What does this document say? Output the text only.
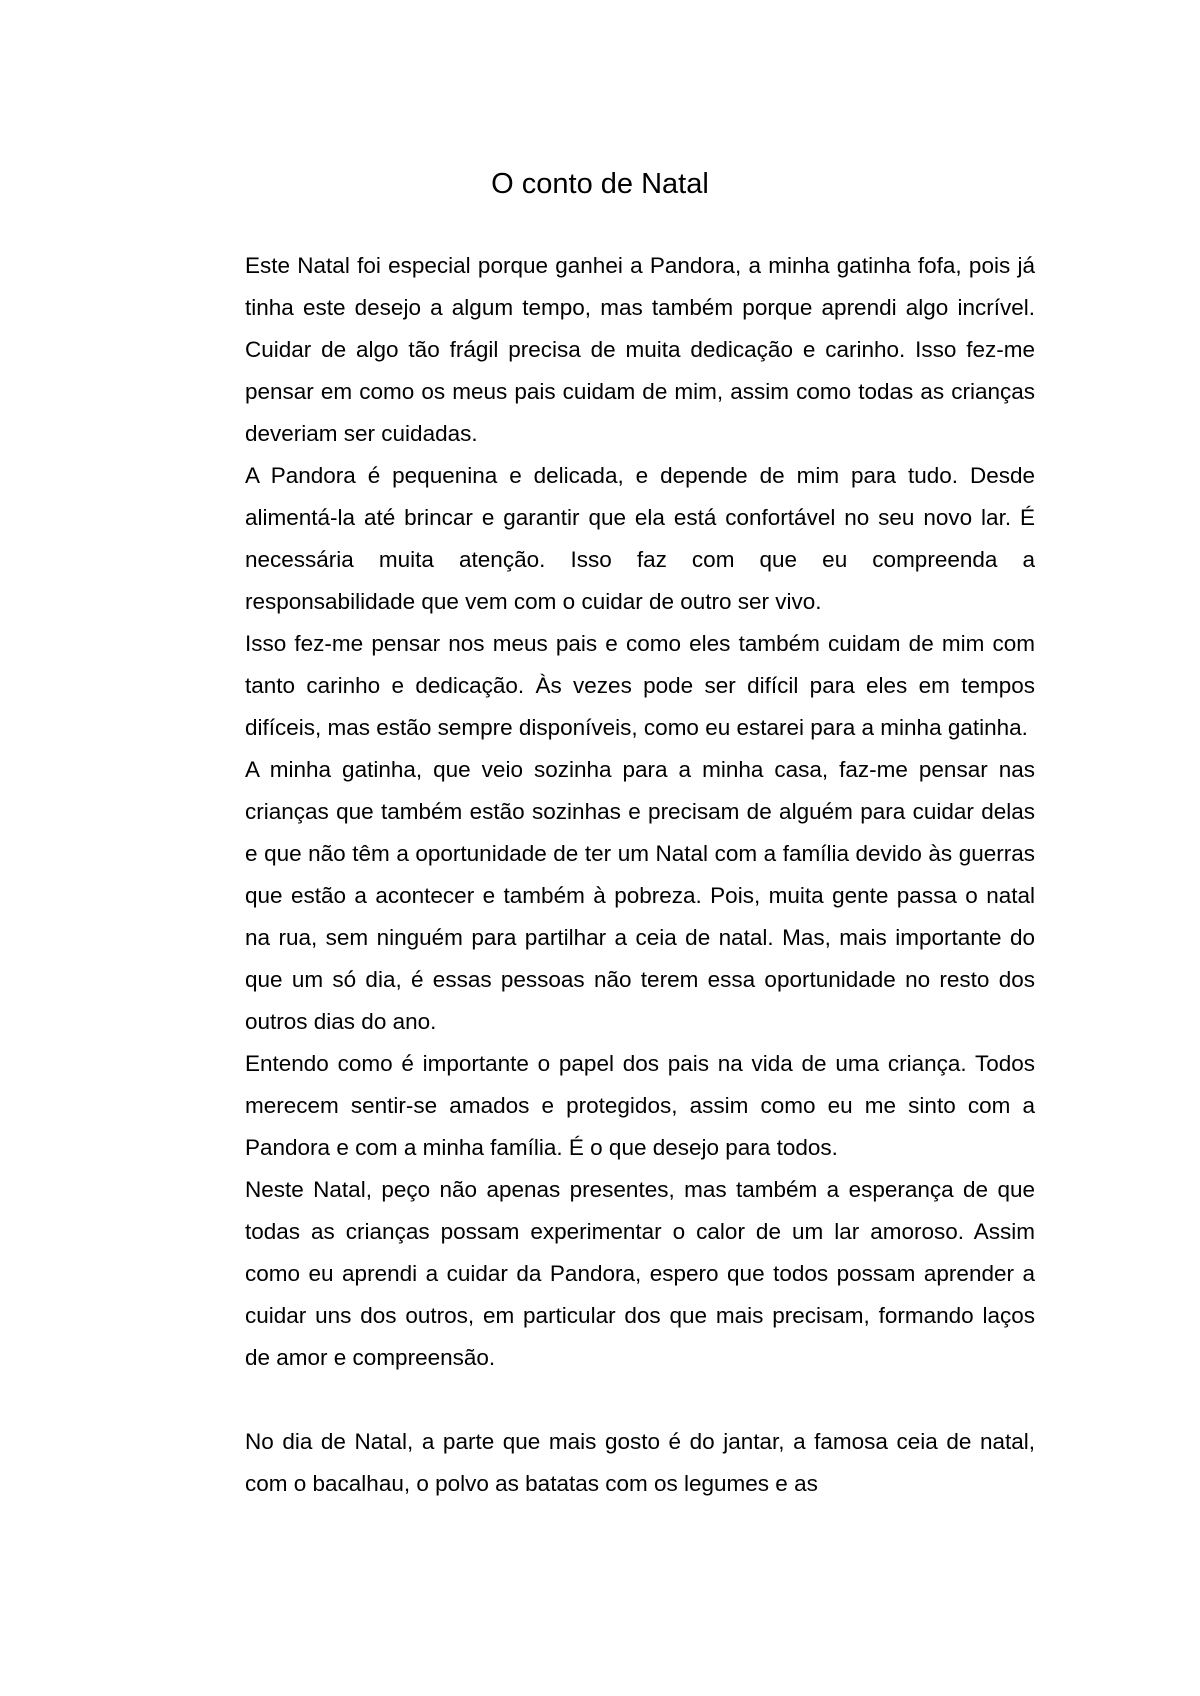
O conto de Natal

Este Natal foi especial porque ganhei a Pandora, a minha gatinha fofa, pois já tinha este desejo a algum tempo, mas também porque aprendi algo incrível. Cuidar de algo tão frágil precisa de muita dedicação e carinho. Isso fez-me pensar em como os meus pais cuidam de mim, assim como todas as crianças deveriam ser cuidadas.

A Pandora é pequenina e delicada, e depende de mim para tudo. Desde alimentá-la até brincar e garantir que ela está confortável no seu novo lar. É necessária muita atenção. Isso faz com que eu compreenda a responsabilidade que vem com o cuidar de outro ser vivo.

Isso fez-me pensar nos meus pais e como eles também cuidam de mim com tanto carinho e dedicação. Às vezes pode ser difícil para eles em tempos difíceis, mas estão sempre disponíveis, como eu estarei para a minha gatinha.

A minha gatinha, que veio sozinha para a minha casa, faz-me pensar nas crianças que também estão sozinhas e precisam de alguém para cuidar delas e que não têm a oportunidade de ter um Natal com a família devido às guerras que estão a acontecer e também à pobreza. Pois, muita gente passa o natal na rua, sem ninguém para partilhar a ceia de natal. Mas, mais importante do que um só dia, é essas pessoas não terem essa oportunidade no resto dos outros dias do ano.

Entendo como é importante o papel dos pais na vida de uma criança. Todos merecem sentir-se amados e protegidos, assim como eu me sinto com a Pandora e com a minha família. É o que desejo para todos.

Neste Natal, peço não apenas presentes, mas também a esperança de que todas as crianças possam experimentar o calor de um lar amoroso. Assim como eu aprendi a cuidar da Pandora, espero que todos possam aprender a cuidar uns dos outros, em particular dos que mais precisam, formando laços de amor e compreensão.

No dia de Natal, a parte que mais gosto é do jantar, a famosa ceia de natal, com o bacalhau, o polvo as batatas com os legumes e as
